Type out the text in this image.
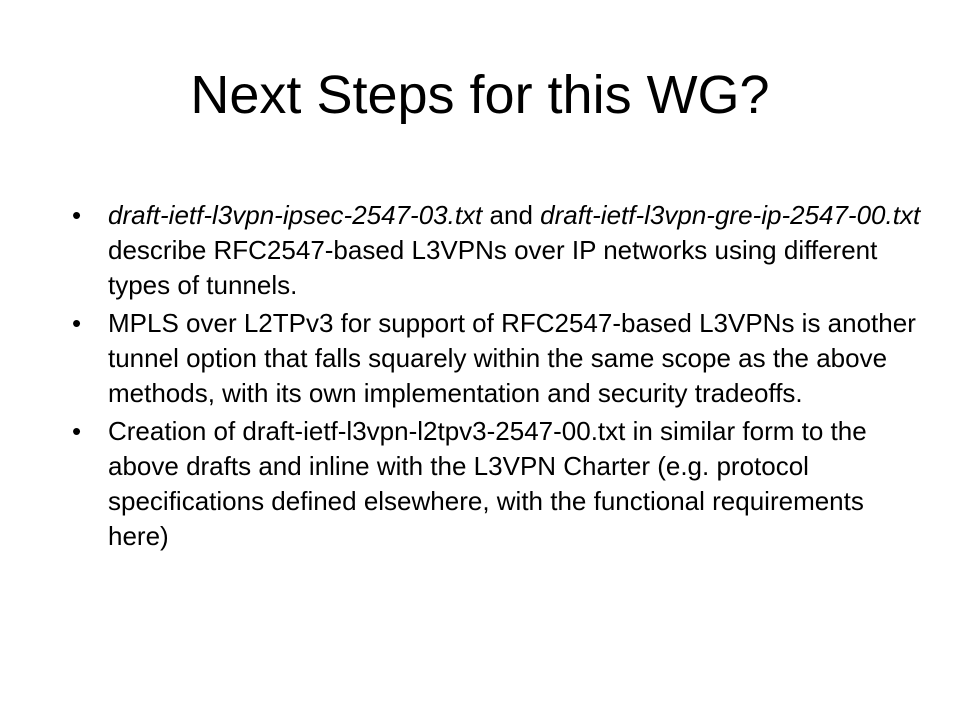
Next Steps for this WG?
• draft-ietf-l3vpn-ipsec-2547-03.txt and draft-ietf-l3vpn-gre-ip-2547-00.txt describe RFC2547-based L3VPNs over IP networks using different types of tunnels.
• MPLS over L2TPv3 for support of RFC2547-based L3VPNs is another tunnel option that falls squarely within the same scope as the above methods, with its own implementation and security tradeoffs.
• Creation of draft-ietf-l3vpn-l2tpv3-2547-00.txt in similar form to the above drafts and inline with the L3VPN Charter (e.g. protocol specifications defined elsewhere, with the functional requirements here)
